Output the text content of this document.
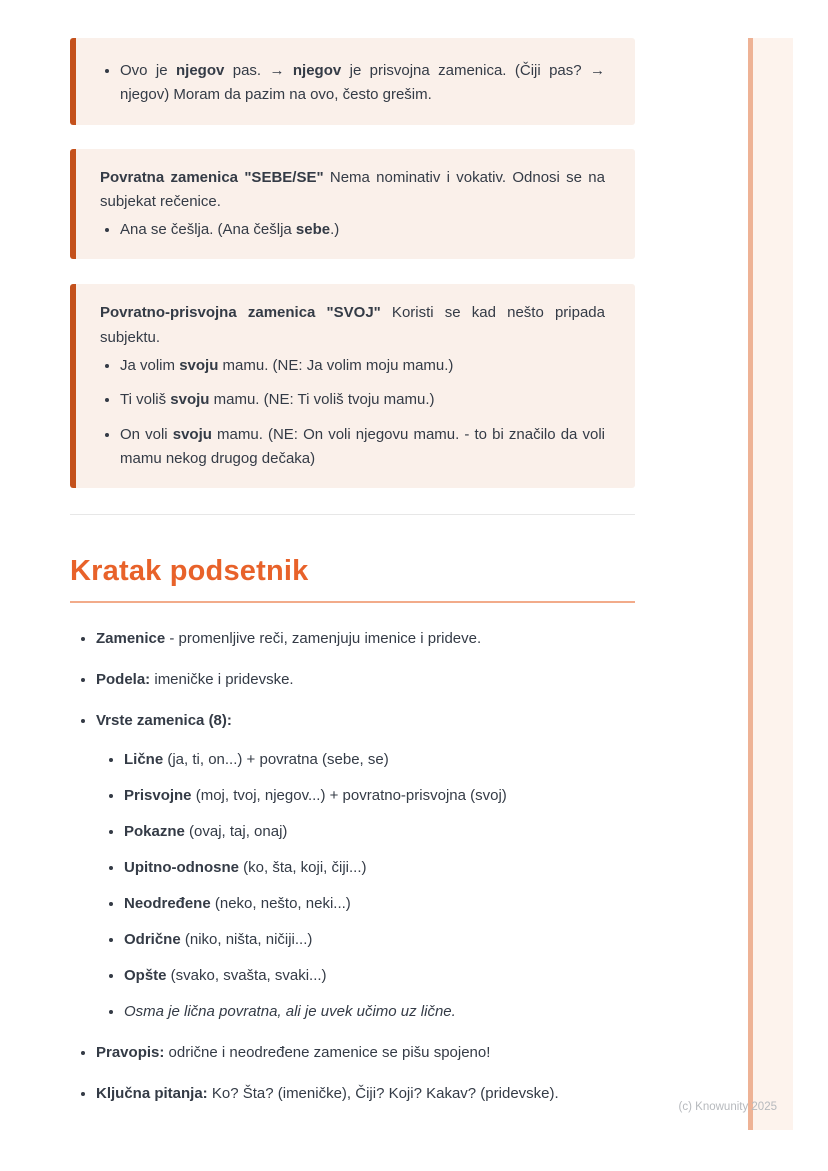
• Ovo je njegov pas. → njegov je prisvojna zamenica. (Čiji pas? → njegov) Moram da pazim na ovo, često grešim.

Povratna zamenica "SEBE/SE" Nema nominativ i vokativ. Odnosi se na subjekat rečenice.

• Ana se češlja. (Ana češlja sebe.)

Povratno-prisvojna zamenica "SVOJ" Koristi se kad nešto pripada subjektu.

• Ja volim svoju mamu. (NE: Ja volim moju mamu.)
• Ti voliš svoju mamu. (NE: Ti voliš tvoju mamu.)
• On voli svoju mamu. (NE: On voli njegovu mamu. - to bi značilo da voli mamu nekog drugog dečaka)
Kratak podsetnik
• Zamenice - promenljive reči, zamenjuju imenice i prideve.
• Podela: imeničke i pridevske.
• Vrste zamenica (8):
• Lične (ja, ti, on...) + povratna (sebe, se)
• Prisvojne (moj, tvoj, njegov...) + povratno-prisvojna (svoj)
• Pokazne (ovaj, taj, onaj)
• Upitno-odnosne (ko, šta, koji, čiji...)
• Neodređene (neko, nešto, neki...)
• Odrične (niko, ništa, ničiji...)
• Opšte (svako, svašta, svaki...)
• Osma je lična povratna, ali je uvek učimo uz lične.
• Pravopis: odrične i neodređene zamenice se pišu spojeno!
• Ključna pitanja: Ko? Šta? (imeničke), Čiji? Koji? Kakav? (pridevske).
(c) Knowunity 2025
